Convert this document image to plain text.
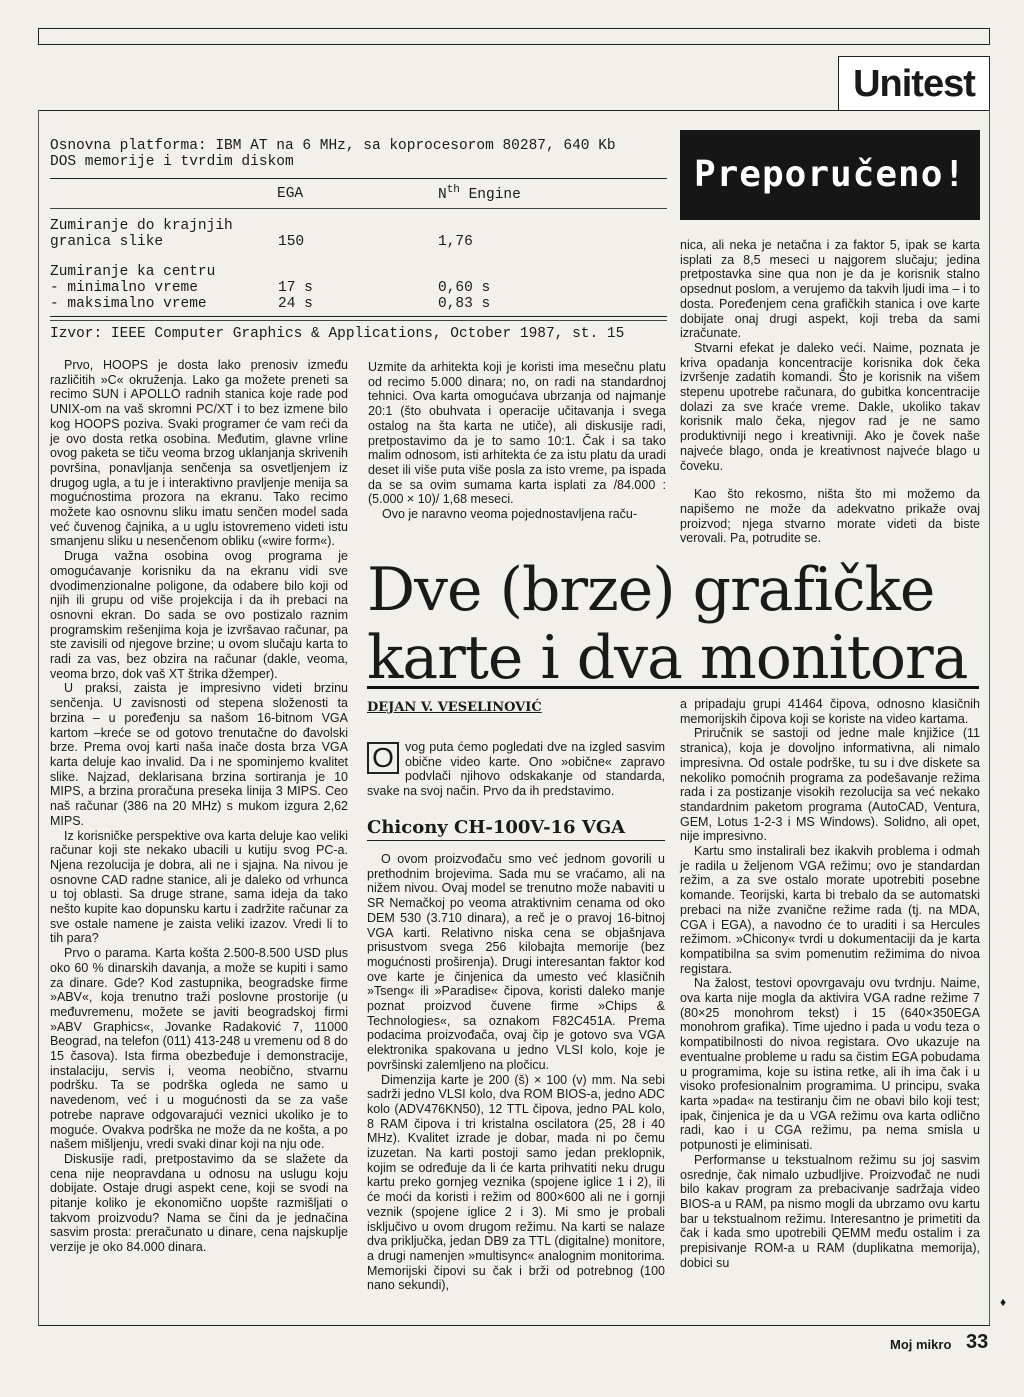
Unitest
Osnovna platforma: IBM AT na 6 MHz, sa koprocesorom 80287, 640 Kb
DOS memorije i tvrdim diskom
EGA	$N^{th}$ Engine
Zumiranje do krajnjih
granica slike	150	1,76
Zumiranje ka centru
- minimalno vreme	17 s	0,60 s
- maksimalno vreme	24 s	0,83 s
Izvor: IEEE Computer Graphics & Applications, October 1987, st. 15
Preporučeno!

nica, ali neka je netačna i za faktor 5, ipak se karta isplati za 8,5 meseci u najgorem slučaju; jedina pretpostavka sine qua non je da je korisnik stalno opsednut poslom, a verujemo da takvih ljudi ima – i to dosta. Poređenjem cena grafičkih stanica i ove karte dobijate onaj drugi aspekt, koji treba da sami izračunate.

Stvarni efekat je daleko veći. Naime, poznata je kriva opadanja koncentracije korisnika dok čeka izvršenje zadatih komandi. Što je korisnik na višem stepenu upotrebe računara, do gubitka koncentracije dolazi za sve kraće vreme. Dakle, ukoliko takav korisnik malo čeka, njegov rad je ne samo produktivniji nego i kreativniji. Ako je čovek naše najveće blago, onda je kreativnost najveće blago u čoveku.

Kao što rekosmo, ništa što mi možemo da napišemo ne može da adekvatno prikaže ovaj proizvod; njega stvarno morate videti da biste verovali. Pa, potrudite se.

Uzmite da arhitekta koji je koristi ima mesečnu platu od recimo 5.000 dinara; no, on radi na standardnoj tehnici. Ova karta omogućava ubrzanja od najmanje 20:1 (što obuhvata i operacije učitavanja i svega ostalog na šta karta ne utiče), ali diskusije radi, pretpostavimo da je to samo 10:1. Čak i sa tako malim odnosom, isti arhitekta će za istu platu da uradi deset ili više puta više posla za isto vreme, pa ispada da se sa ovim sumama karta isplati za /84.000 : (5.000 × 10)/ 1,68 meseci.

Ovo je naravno veoma pojednostavljena raču-

Prvo, HOOPS je dosta lako prenosiv između različitih »C« okruženja. Lako ga možete preneti sa recimo SUN i APOLLO radnih stanica koje rade pod UNIX-om na vaš skromni PC/XT i to bez izmene bilo kog HOOPS poziva. Svaki programer će vam reći da je ovo dosta retka osobina. Međutim, glavne vrline ovog paketa se tiču veoma brzog uklanjanja skrivenih površina, ponavljanja senčenja sa osvetljenjem iz drugog ugla, a tu je i interaktivno pravljenje menija sa mogućnostima prozora na ekranu. Tako recimo možete kao osnovnu sliku imatu senčen model sada već čuvenog čajnika, a u uglu istovremeno videti istu smanjenu sliku u nesenčenom obliku («wire form«).

Druga važna osobina ovog programa je omogućavanje korisniku da na ekranu vidi sve dvodimenzionalne poligone, da odabere bilo koji od njih ili grupu od više projekcija i da ih prebaci na osnovni ekran. Do sada se ovo postizalo raznim programskim rešenjima koja je izvršavao računar, pa ste zavisili od njegove brzine; u ovom slučaju karta to radi za vas, bez obzira na računar (dakle, veoma, veoma brzo, dok vaš XT štrika džemper).

U praksi, zaista je impresivno videti brzinu senčenja. U zavisnosti od stepena složenosti ta brzina – u poređenju sa našom 16-bitnom VGA kartom –kreće se od gotovo trenutačne do đavolski brze. Prema ovoj karti naša inače dosta brza VGA karta deluje kao invalid. Da i ne spominjemo kvalitet slike. Najzad, deklarisana brzina sortiranja je 10 MIPS, a brzina proračuna preseka linija 3 MIPS. Ceo naš računar (386 na 20 MHz) s mukom izgura 2,62 MIPS.

Iz korisničke perspektive ova karta deluje kao veliki računar koji ste nekako ubacili u kutiju svog PC-a. Njena rezolucija je dobra, ali ne i sjajna. Na nivou je osnovne CAD radne stanice, ali je daleko od vrhunca u toj oblasti. Sa druge strane, sama ideja da tako nešto kupite kao dopunsku kartu i zadržite računar za sve ostale namene je zaista veliki izazov. Vredi li to tih para?

Prvo o parama. Karta košta 2.500-8.500 USD plus oko 60 % dinarskih davanja, a može se kupiti i samo za dinare. Gde? Kod zastupnika, beogradske firme »ABV«, koja trenutno traži poslovne prostorije (u međuvremenu, možete se javiti beogradskoj firmi »ABV Graphics«, Jovanke Radaković 7, 11000 Beograd, na telefon (011) 413-248 u vremenu od 8 do 15 časova). Ista firma obezbeđuje i demonstracije, instalaciju, servis i, veoma neobično, stvarnu podršku. Ta se podrška ogleda ne samo u navedenom, već i u mogućnosti da se za vaše potrebe naprave odgovarajući veznici ukoliko je to moguće. Ovakva podrška ne može da ne košta, a po našem mišljenju, vredi svaki dinar koji na nju ode.

Diskusije radi, pretpostavimo da se slažete da cena nije neopravdana u odnosu na uslugu koju dobijate. Ostaje drugi aspekt cene, koji se svodi na pitanje koliko je ekonomično uopšte razmišljati o takvom proizvodu? Nama se čini da je jednačina sasvim prosta: preračunato u dinare, cena najskuplje verzije je oko 84.000 dinara.

Dve (brze) grafičke karte i dva monitora
DEJAN V. VESELINOVIĆ
O vog puta ćemo pogledati dve na izgled sasvim obične video karte. Ono »obične« zapravo podvlači njihovo odskakanje od standarda, svake na svoj način. Prvo da ih predstavimo.
Chicony CH-100V-16 VGA

O ovom proizvođaču smo već jednom govorili u prethodnim brojevima. Sada mu se vraćamo, ali na nižem nivou. Ovaj model se trenutno može nabaviti u SR Nemačkoj po veoma atraktivnim cenama od oko DEM 530 (3.710 dinara), a reč je o pravoj 16-bitnoj VGA karti. Relativno niska cena se objašnjava prisustvom svega 256 kilobajta memorije (bez mogućnosti proširenja). Drugi interesantan faktor kod ove karte je činjenica da umesto već klasičnih »Tseng« ili »Paradise« čipova, koristi daleko manje poznat proizvod čuvene firme »Chips & Technologies«, sa oznakom F82C451A. Prema podacima proizvođača, ovaj čip je gotovo sva VGA elektronika spakovana u jedno VLSI kolo, koje je površinski zalemljeno na pločicu.

Dimenzija karte je 200 (š) × 100 (v) mm. Na sebi sadrži jedno VLSI kolo, dva ROM BIOS-a, jedno ADC kolo (ADV476KN50), 12 TTL čipova, jedno PAL kolo, 8 RAM čipova i tri kristalna oscilatora (25, 28 i 40 MHz). Kvalitet izrade je dobar, mada ni po čemu izuzetan. Na karti postoji samo jedan preklopnik, kojim se određuje da li će karta prihvatiti neku drugu kartu preko gornjeg veznika (spojene iglice 1 i 2), ili će moći da koristi i režim od 800×600 ali ne i gornji veznik (spojene iglice 2 i 3). Mi smo je probali isključivo u ovom drugom režimu. Na karti se nalaze dva priključka, jedan DB9 za TTL (digitalne) monitore, a drugi namenjen »multisync« analognim monitorima. Memorijski čipovi su čak i brži od potrebnog (100 nano sekundi),

a pripadaju grupi 41464 čipova, odnosno klasičnih memorijskih čipova koji se koriste na video kartama.

Priručnik se sastoji od jedne male knjižice (11 stranica), koja je dovoljno informativna, ali nimalo impresivna. Od ostale podrške, tu su i dve diskete sa nekoliko pomoćnih programa za podešavanje režima rada i za postizanje visokih rezolucija sa već nekako standardnim paketom programa (AutoCAD, Ventura, GEM, Lotus 1-2-3 i MS Windows). Solidno, ali opet, nije impresivno.

Kartu smo instalirali bez ikakvih problema i odmah je radila u željenom VGA režimu; ovo je standardan režim, a za sve ostalo morate upotrebiti posebne komande. Teorijski, karta bi trebalo da se automatski prebaci na niže zvanične režime rada (tj. na MDA, CGA i EGA), a navodno će to uraditi i sa Hercules režimom. »Chicony« tvrdi u dokumentaciji da je karta kompatibilna sa svim pomenutim režimima do nivoa registara.

Na žalost, testovi opovrgavaju ovu tvrdnju. Naime, ova karta nije mogla da aktivira VGA radne režime 7 (80×25 monohrom tekst) i 15 (640×350EGA monohrom grafika). Time ujedno i pada u vodu teza o kompatibilnosti do nivoa registara. Ovo ukazuje na eventualne probleme u radu sa čistim EGA pobudama u programima, koje su istina retke, ali ih ima čak i u visoko profesionalnim programima. U principu, svaka karta »pada« na testiranju čim ne obavi bilo koji test; ipak, činjenica je da u VGA režimu ova karta odlično radi, kao i u CGA režimu, pa nema smisla u potpunosti je eliminisati.

Performanse u tekstualnom režimu su joj sasvim osrednje, čak nimalo uzbudljive. Proizvođač ne nudi bilo kakav program za prebacivanje sadržaja video BIOS-a u RAM, pa nismo mogli da ubrzamo ovu kartu bar u tekstualnom režimu. Interesantno je primetiti da čak i kada smo upotrebili QEMM među ostalim i za prepisivanje ROM-a u RAM (duplikatna memorija), dobici su

♦
Moj mikro 33
